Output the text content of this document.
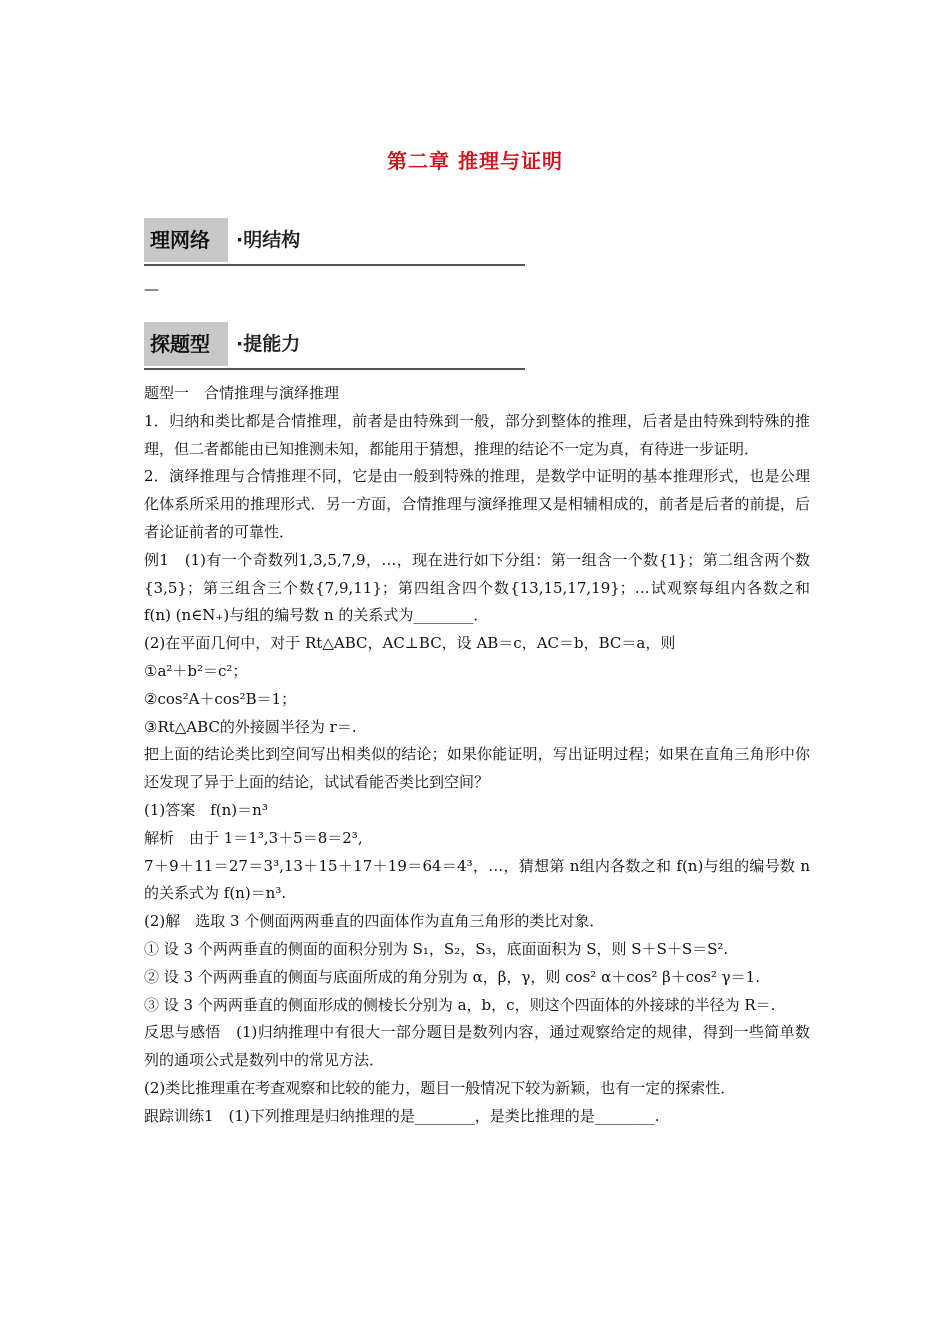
第二章 推理与证明
理网络	·明结构
—
探题型	·提能力

题型一　合情推理与演绎推理

1．归纳和类比都是合情推理，前者是由特殊到一般，部分到整体的推理，后者是由特殊到特殊的推理，但二者都能由已知推测未知，都能用于猜想，推理的结论不一定为真，有待进一步证明．

2．演绎推理与合情推理不同，它是由一般到特殊的推理，是数学中证明的基本推理形式，也是公理化体系所采用的推理形式．另一方面，合情推理与演绎推理又是相辅相成的，前者是后者的前提，后者论证前者的可靠性．

例1　(1)有一个奇数列1,3,5,7,9，…，现在进行如下分组：第一组含一个数{1}；第二组含两个数{3,5}；第三组含三个数{7,9,11}；第四组含四个数{13,15,17,19}；…试观察每组内各数之和 f(n) (n∈N₊)与组的编号数 n 的关系式为________．

(2)在平面几何中，对于 Rt△ABC，AC⊥BC，设 AB＝c，AC＝b，BC＝a，则

①a²＋b²＝c²；

②cos²A＋cos²B＝1；

③Rt△ABC的外接圆半径为 r＝.

把上面的结论类比到空间写出相类似的结论；如果你能证明，写出证明过程；如果在直角三角形中你还发现了异于上面的结论，试试看能否类比到空间？

(1)答案　f(n)＝n³

解析　由于 1＝1³,3＋5＝8＝2³,

7＋9＋11＝27＝3³,13＋15＋17＋19＝64＝4³，…，猜想第 n组内各数之和 f(n)与组的编号数 n的关系式为 f(n)＝n³.

(2)解　选取 3 个侧面两两垂直的四面体作为直角三角形的类比对象．

① 设 3 个两两垂直的侧面的面积分别为 S₁，S₂，S₃，底面面积为 S，则 S＋S＋S＝S².

② 设 3 个两两垂直的侧面与底面所成的角分别为 α，β，γ，则 cos² α＋cos² β＋cos² γ＝1.

③ 设 3 个两两垂直的侧面形成的侧棱长分别为 a，b，c，则这个四面体的外接球的半径为 R＝.

反思与感悟　(1)归纳推理中有很大一部分题目是数列内容，通过观察给定的规律，得到一些简单数列的通项公式是数列中的常见方法．

(2)类比推理重在考查观察和比较的能力，题目一般情况下较为新颖，也有一定的探索性．

跟踪训练1　(1)下列推理是归纳推理的是________，是类比推理的是________.
